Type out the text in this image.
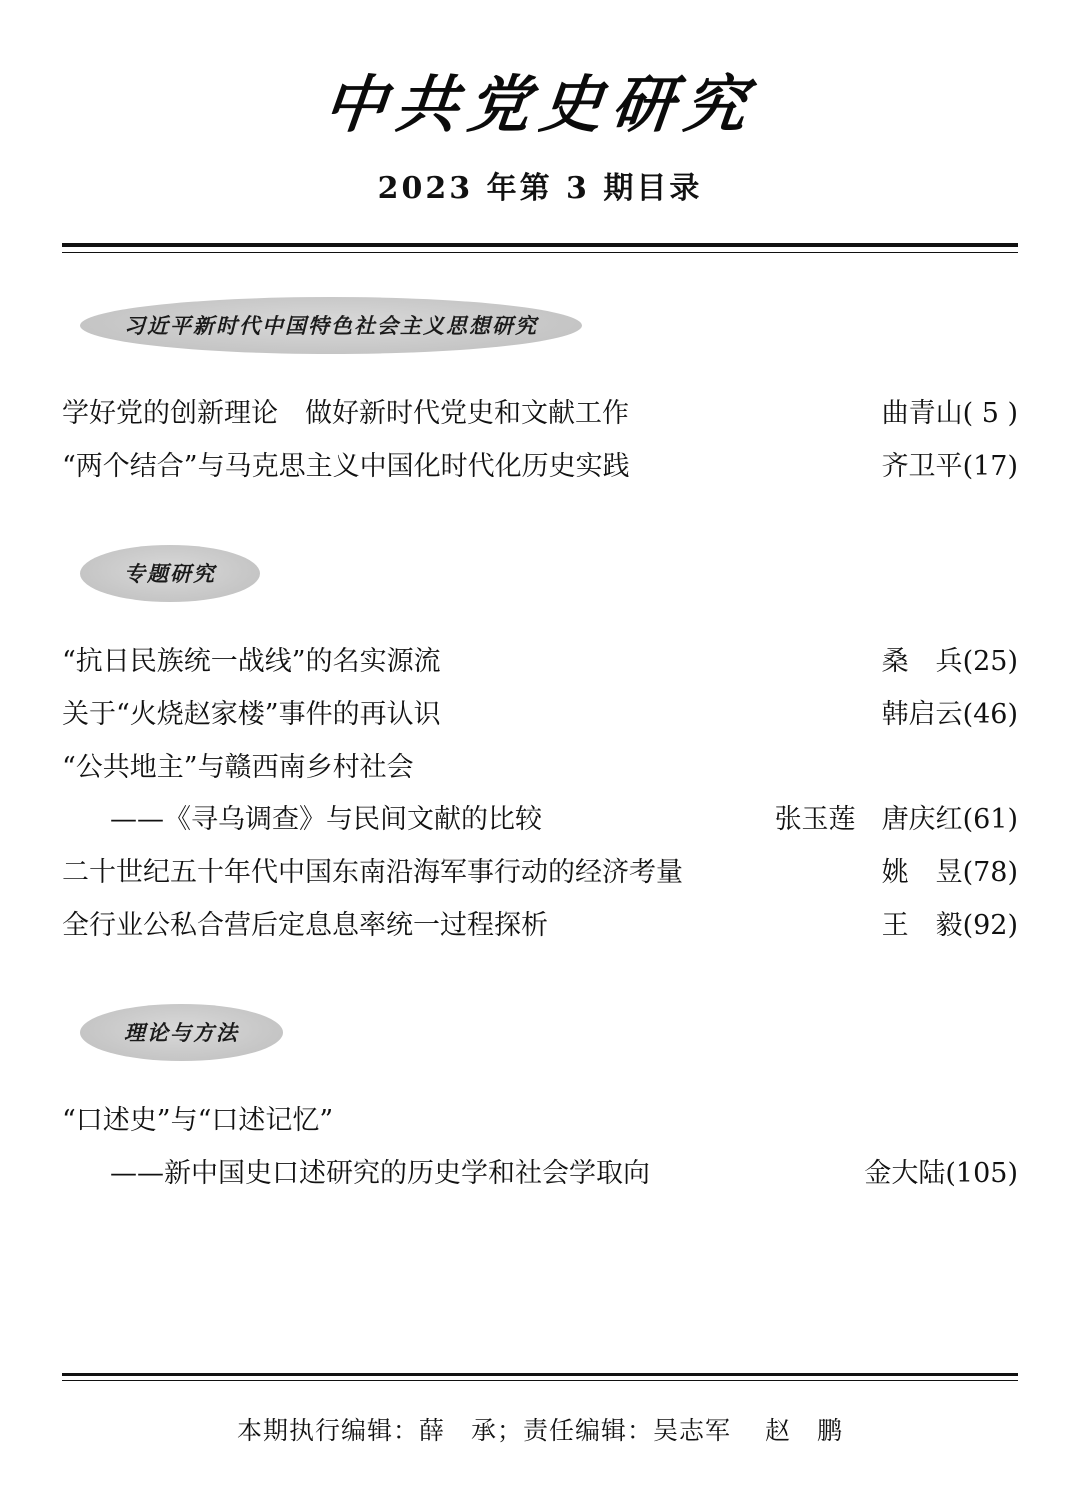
中共党史研究
2023 年第 3 期目录
习近平新时代中国特色社会主义思想研究
学好党的创新理论　做好新时代党史和文献工作	曲青山( 5 )
“两个结合”与马克思主义中国化时代化历史实践	齐卫平(17)
专题研究
“抗日民族统一战线”的名实源流	桑　兵(25)
关于“火烧赵家楼”事件的再认识	韩启云(46)
“公共地主”与赣西南乡村社会
——《寻乌调查》与民间文献的比较	张玉莲 唐庆红(61)
二十世纪五十年代中国东南沿海军事行动的经济考量	姚　昱(78)
全行业公私合营后定息息率统一过程探析	王　毅(92)
理论与方法
“口述史”与“口述记忆”
——新中国史口述研究的历史学和社会学取向	金大陆(105)
本期执行编辑：薛　承；责任编辑：吴志军 赵　鹏
